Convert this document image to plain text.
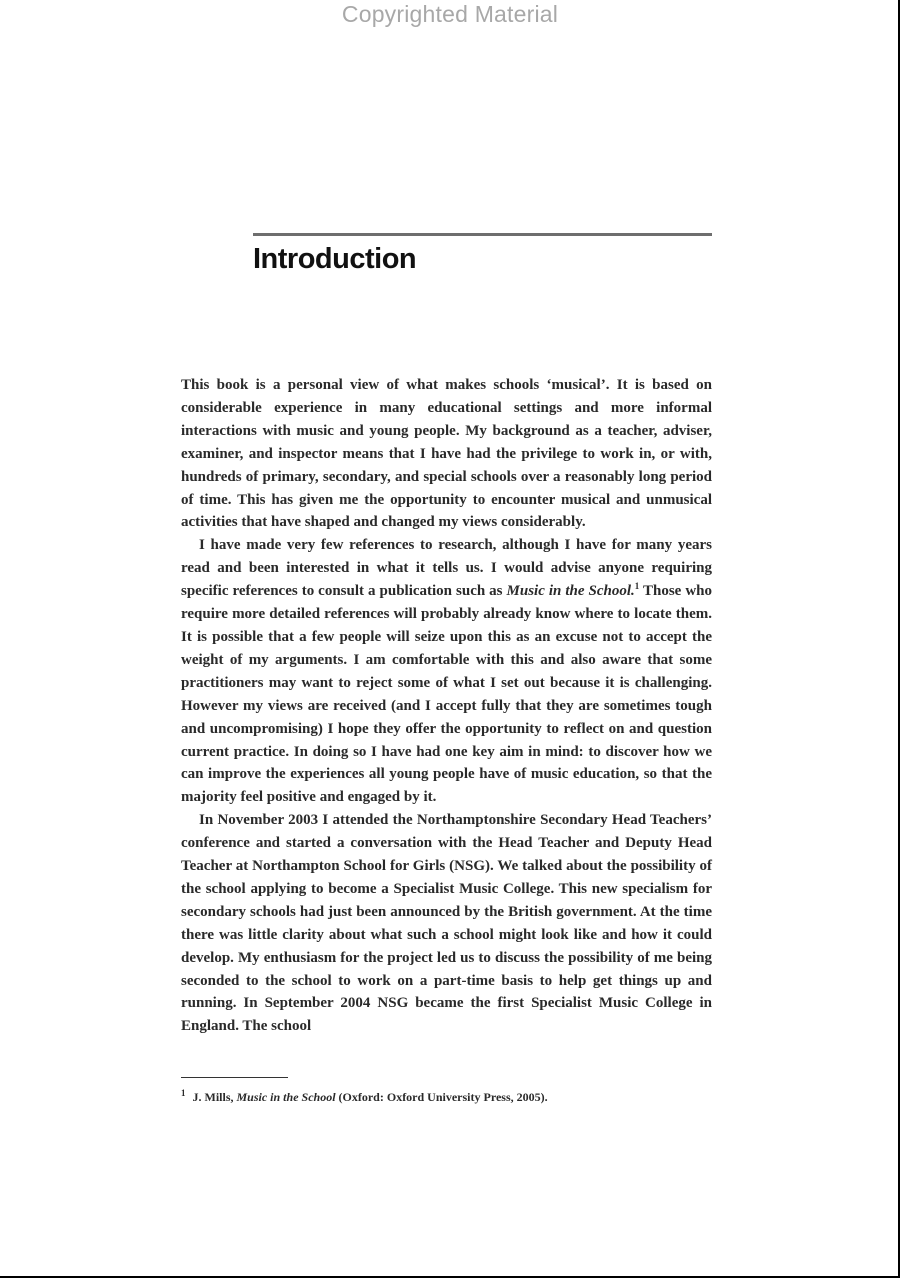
Copyrighted Material
Introduction

This book is a personal view of what makes schools ‘musical’. It is based on considerable experience in many educational settings and more informal interactions with music and young people. My background as a teacher, adviser, examiner, and inspector means that I have had the privilege to work in, or with, hundreds of primary, secondary, and special schools over a reasonably long period of time. This has given me the opportunity to encounter musical and unmusical activities that have shaped and changed my views considerably.

I have made very few references to research, although I have for many years read and been interested in what it tells us. I would advise anyone requiring specific references to consult a publication such as Music in the School.$^1$ Those who require more detailed references will probably already know where to locate them. It is possible that a few people will seize upon this as an excuse not to accept the weight of my arguments. I am comfortable with this and also aware that some practitioners may want to reject some of what I set out because it is challenging. However my views are received (and I accept fully that they are sometimes tough and uncompromising) I hope they offer the opportunity to reflect on and question current practice. In doing so I have had one key aim in mind: to discover how we can improve the experiences all young people have of music education, so that the majority feel positive and engaged by it.

In November 2003 I attended the Northamptonshire Secondary Head Teachers’ conference and started a conversation with the Head Teacher and Deputy Head Teacher at Northampton School for Girls (NSG). We talked about the possibility of the school applying to become a Specialist Music College. This new specialism for secondary schools had just been announced by the British government. At the time there was little clarity about what such a school might look like and how it could develop. My enthusiasm for the project led us to discuss the possibility of me being seconded to the school to work on a part-time basis to help get things up and running. In September 2004 NSG became the first Specialist Music College in England. The school

$^1$ J. Mills, Music in the School (Oxford: Oxford University Press, 2005).
